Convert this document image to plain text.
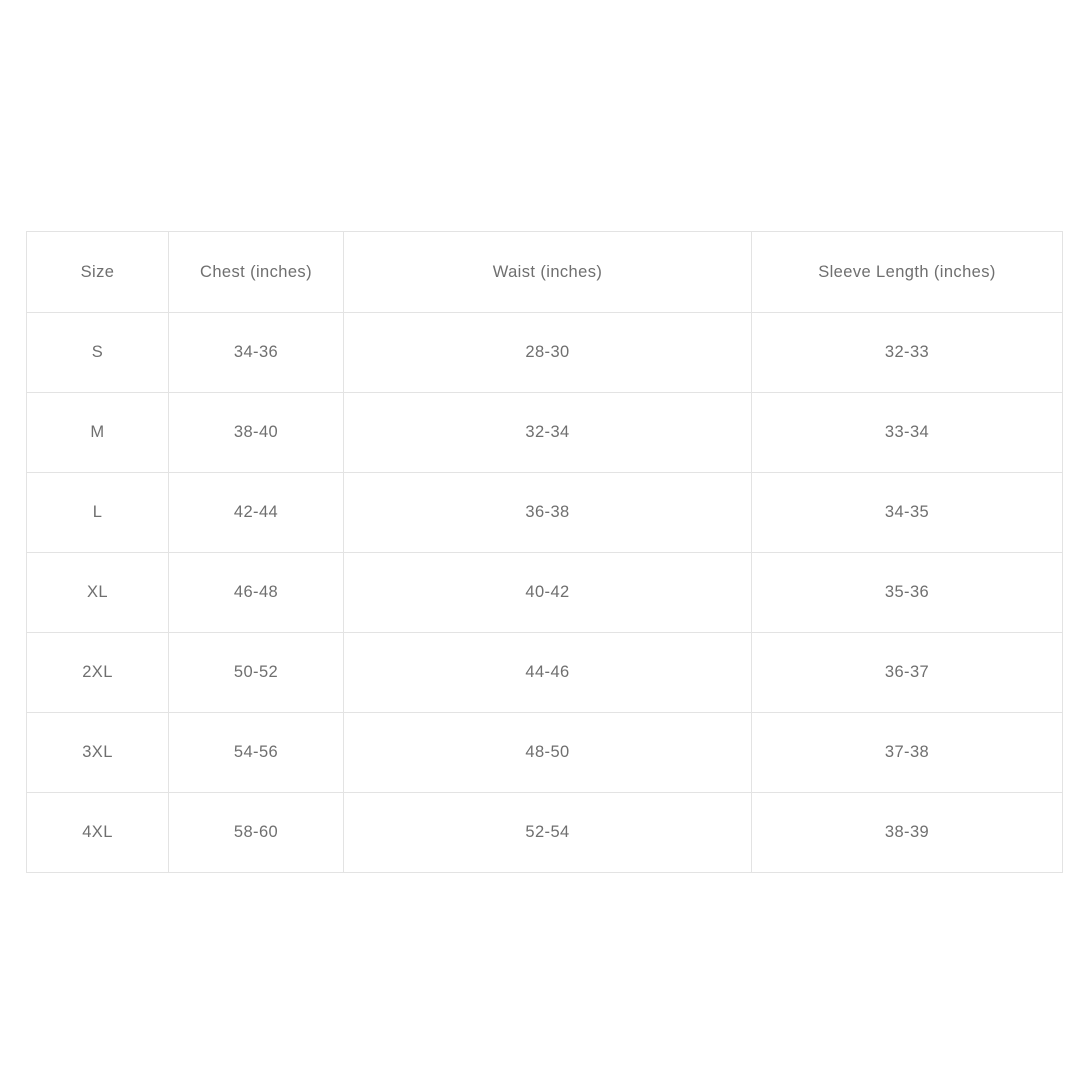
Size	Chest (inches)	Waist (inches)	Sleeve Length (inches)
S	34-36	28-30	32-33
M	38-40	32-34	33-34
L	42-44	36-38	34-35
XL	46-48	40-42	35-36
2XL	50-52	44-46	36-37
3XL	54-56	48-50	37-38
4XL	58-60	52-54	38-39
